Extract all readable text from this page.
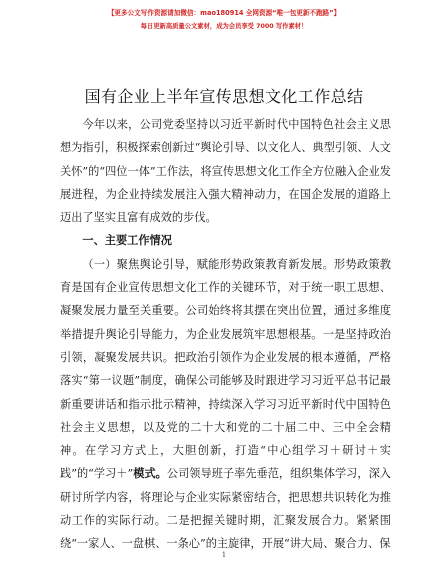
【更多公文写作资源请加微信：mao180914 全网资源“唯一包更新不跑路”】
每日更新高质量公文素材，成为会员享受 7000 写作素材！
国有企业上半年宣传思想文化工作总结

今年以来，公司党委坚持以习近平新时代中国特色社会主义思想为指引，积极探索创新过“舆论引导、以文化人、典型引领、人文关怀”的“四位一体”工作法，将宣传思想文化工作全方位融入企业发展进程，为企业持续发展注入强大精神动力，在国企发展的道路上迈出了坚实且富有成效的步伐。

一、主要工作情况

（一）聚焦舆论引导，赋能形势政策教育新发展。形势政策教育是国有企业宣传思想文化工作的关键环节，对于统一职工思想、凝聚发展力量至关重要。公司始终将其摆在突出位置，通过多维度举措提升舆论引导能力，为企业发展筑牢思想根基。一是坚持政治引领，凝聚发展共识。把政治引领作为企业发展的根本遵循，严格落实“第一议题”制度，确保公司能够及时跟进学习习近平总书记最新重要讲话和指示批示精神，持续深入学习习近平新时代中国特色社会主义思想，以及党的二十大和党的二十届二中、三中全会精神。在学习方式上，大胆创新，打造“中心组学习＋研讨＋实践”的“学习＋”模式。公司领导班子率先垂范，组织集体学习，深入研讨所学内容，将理论与企业实际紧密结合，把思想共识转化为推动工作的实际行动。二是把握关键时期，汇聚发展合力。紧紧围绕“一家人、一盘棋、一条心”的主旋律，开展“讲大局、聚合力、保

1
